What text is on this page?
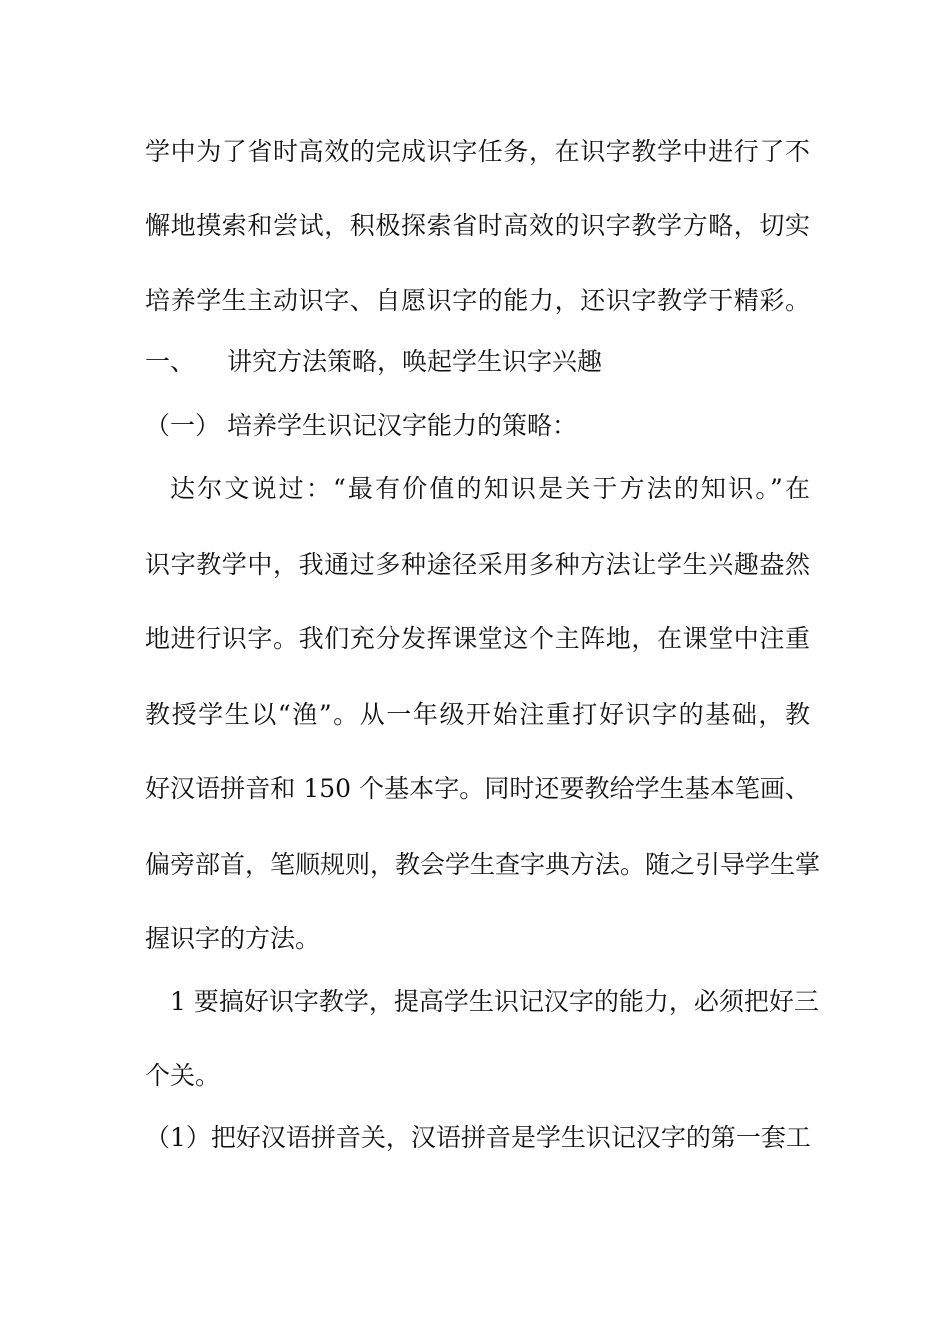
学中为了省时高效的完成识字任务，在识字教学中进行了不
懈地摸索和尝试，积极探索省时高效的识字教学方略，切实
培养学生主动识字、自愿识字的能力，还识字教学于精彩。
一、 讲究方法策略，唤起学生识字兴趣
（一） 培养学生识记汉字能力的策略：
达尔文说过：“最有价值的知识是关于方法的知识。”在
识字教学中，我通过多种途径采用多种方法让学生兴趣盎然
地进行识字。我们充分发挥课堂这个主阵地，在课堂中注重
教授学生以“渔”。从一年级开始注重打好识字的基础，教
好汉语拼音和 150 个基本字。同时还要教给学生基本笔画、
偏旁部首，笔顺规则，教会学生查字典方法。随之引导学生掌
握识字的方法。
1 要搞好识字教学，提高学生识记汉字的能力，必须把好三
个关。
（1）把好汉语拼音关，汉语拼音是学生识记汉字的第一套工
